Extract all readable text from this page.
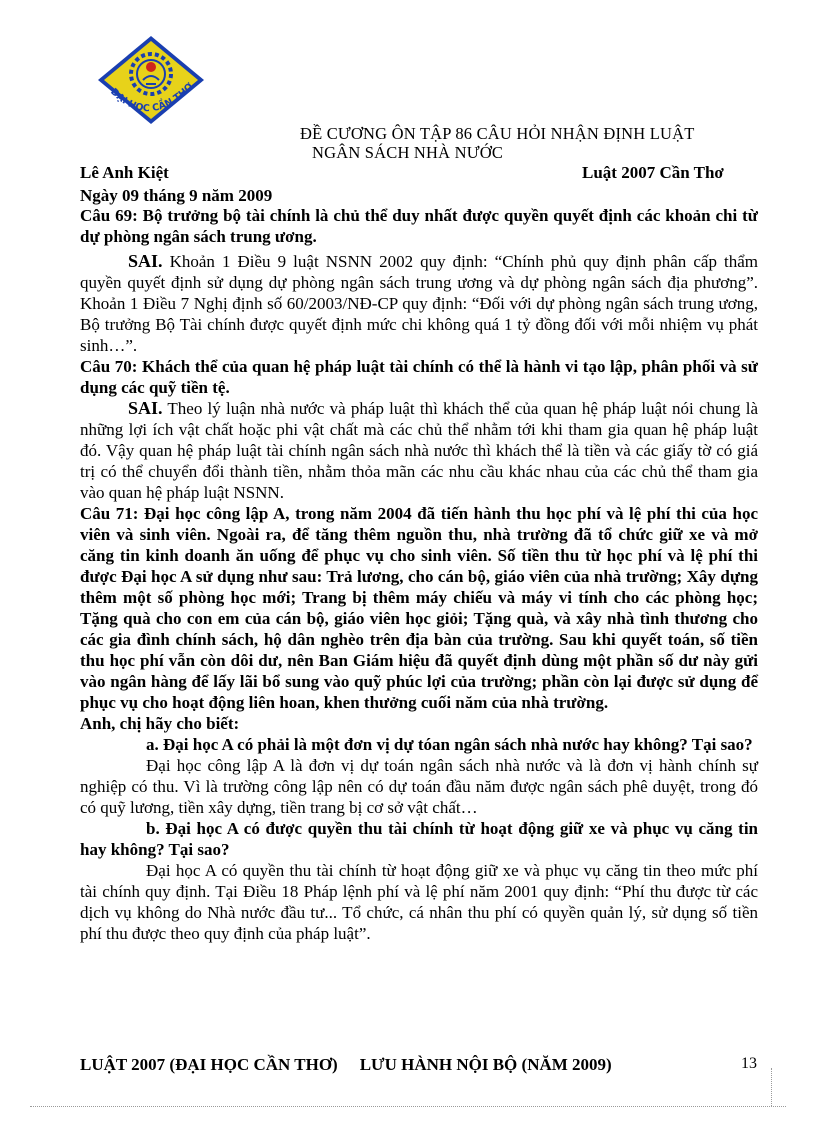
ĐẠI HỌC CẦN THƠ
ĐỀ CƯƠNG ÔN TẬP 86 CÂU HỎI NHẬN ĐỊNH LUẬT
NGÂN SÁCH NHÀ NƯỚC
Lê Anh Kiệt	Luật 2007 Cần Thơ
Ngày 09 tháng 9 năm 2009

Câu 69: Bộ trưởng bộ tài chính là chủ thể duy nhất được quyền quyết định các khoản chi từ dự phòng ngân sách trung ương.

SAI. Khoản 1 Điều 9 luật NSNN 2002 quy định: “Chính phủ quy định phân cấp thẩm quyền quyết định sử dụng dự phòng ngân sách trung ương và dự phòng ngân sách địa phương”. Khoản 1 Điều 7 Nghị định số 60/2003/NĐ-CP quy định: “Đối với dự phòng ngân sách trung ương, Bộ trưởng Bộ Tài chính được quyết định mức chi không quá 1 tỷ đồng đối với mỗi nhiệm vụ phát sinh…”.

Câu 70: Khách thể của quan hệ pháp luật tài chính có thể là hành vi tạo lập, phân phối và sử dụng các quỹ tiền tệ.

SAI. Theo lý luận nhà nước và pháp luật thì khách thể của quan hệ pháp luật nói chung là những lợi ích vật chất hoặc phi vật chất mà các chủ thể nhằm tới khi tham gia quan hệ pháp luật đó. Vậy quan hệ pháp luật tài chính ngân sách nhà nước thì khách thể là tiền và các giấy tờ có giá trị có thể chuyển đổi thành tiền, nhằm thỏa mãn các nhu cầu khác nhau của các chủ thể tham gia vào quan hệ pháp luật NSNN.

Câu 71: Đại học công lập A, trong năm 2004 đã tiến hành thu học phí và lệ phí thi của học viên và sinh viên. Ngoài ra, để tăng thêm nguồn thu, nhà trường đã tổ chức giữ xe và mở căng tin kinh doanh ăn uống để phục vụ cho sinh viên. Số tiền thu từ học phí và lệ phí thi được Đại học A sử dụng như sau: Trả lương, cho cán bộ, giáo viên của nhà trường; Xây dựng thêm một số phòng học mới; Trang bị thêm máy chiếu và máy vi tính cho các phòng học; Tặng quà cho con em của cán bộ, giáo viên học giỏi; Tặng quà, và xây nhà tình thương cho các gia đình chính sách, hộ dân nghèo trên địa bàn của trường. Sau khi quyết toán, số tiền thu học phí vẫn còn dôi dư, nên Ban Giám hiệu đã quyết định dùng một phần số dư này gửi vào ngân hàng để lấy lãi bổ sung vào quỹ phúc lợi của trường; phần còn lại được sử dụng để phục vụ cho hoạt động liên hoan, khen thưởng cuối năm của nhà trường.

Anh, chị hãy cho biết:

a. Đại học A có phải là một đơn vị dự tóan ngân sách nhà nước hay không? Tại sao?

Đại học công lập A là đơn vị dự toán ngân sách nhà nước và là đơn vị hành chính sự nghiệp có thu. Vì là trường công lập nên có dự toán đầu năm được ngân sách phê duyệt, trong đó có quỹ lương, tiền xây dựng, tiền trang bị cơ sở vật chất…

b. Đại học A có được quyền thu tài chính từ hoạt động giữ xe và phục vụ căng tin hay không? Tại sao?

Đại học A có quyền thu tài chính từ hoạt động giữ xe và phục vụ căng tin theo mức phí tài chính quy định. Tại Điều 18 Pháp lệnh phí và lệ phí năm 2001 quy định: “Phí thu được từ các dịch vụ không do Nhà nước đầu tư... Tổ chức, cá nhân thu phí có quyền quản lý, sử dụng số tiền phí thu được theo quy định của pháp luật”.

LUẬT 2007 (ĐẠI HỌC CẦN THƠ) LƯU HÀNH NỘI BỘ (NĂM 2009)	13
